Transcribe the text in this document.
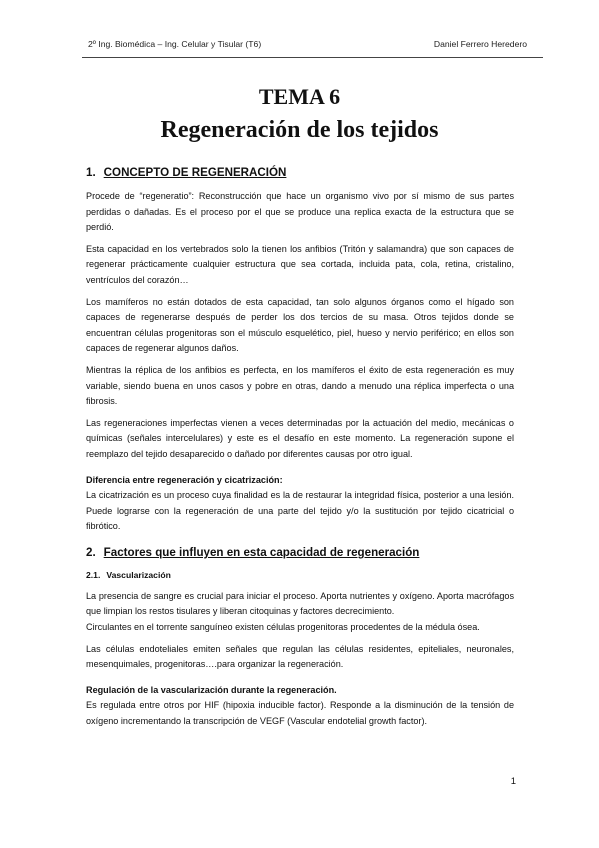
2º Ing. Biomédica – Ing. Celular y Tisular (T6)	Daniel Ferrero Heredero
TEMA 6
Regeneración de los tejidos
1. CONCEPTO DE REGENERACIÓN

Procede de “regeneratio”: Reconstrucción que hace un organismo vivo por sí mismo de sus partes perdidas o dañadas. Es el proceso por el que se produce una replica exacta de la estructura que se perdió.

Esta capacidad en los vertebrados solo la tienen los anfibios (Tritón y salamandra) que son capaces de regenerar prácticamente cualquier estructura que sea cortada, incluida pata, cola, retina, cristalino, ventrículos del corazón…

Los mamíferos no están dotados de esta capacidad, tan solo algunos órganos como el hígado son capaces de regenerarse después de perder los dos tercios de su masa. Otros tejidos donde se encuentran células progenitoras son el músculo esquelético, piel, hueso y nervio periférico; en ellos son capaces de regenerar algunos daños.

Mientras la réplica de los anfibios es perfecta, en los mamíferos el éxito de esta regeneración es muy variable, siendo buena en unos casos y pobre en otras, dando a menudo una réplica imperfecta o una fibrosis.

Las regeneraciones imperfectas vienen a veces determinadas por la actuación del medio, mecánicas o químicas (señales intercelulares) y este es el desafío en este momento. La regeneración supone el reemplazo del tejido desaparecido o dañado por diferentes causas por otro igual.

Diferencia entre regeneración y cicatrización:

La cicatrización es un proceso cuya finalidad es la de restaurar la integridad física, posterior a una lesión. Puede lograrse con la regeneración de una parte del tejido y/o la sustitución por tejido cicatricial o fibrótico.

2. Factores que influyen en esta capacidad de regeneración
2.1. Vascularización

La presencia de sangre es crucial para iniciar el proceso. Aporta nutrientes y oxígeno. Aporta macrófagos que limpian los restos tisulares y liberan citoquinas y factores decrecimiento.

Circulantes en el torrente sanguíneo existen células progenitoras procedentes de la médula ósea.

Las células endoteliales emiten señales que regulan las células residentes, epiteliales, neuronales, mesenquimales, progenitoras….para organizar la regeneración.

Regulación de la vascularización durante la regeneración.

Es regulada entre otros por HIF (hipoxia inducible factor). Responde a la disminución de la tensión de oxígeno incrementando la transcripción de VEGF (Vascular endotelial growth factor).

1
